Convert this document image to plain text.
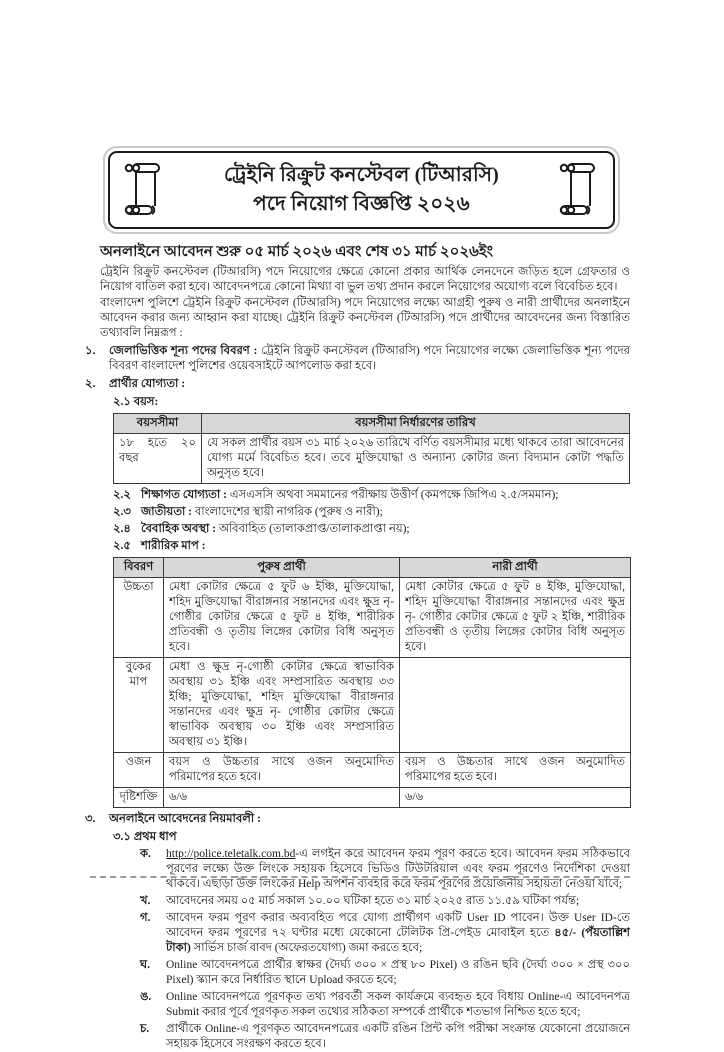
ট্রেইনি রিক্রুট কনস্টেবল (টিআরসি)
পদে নিয়োগ বিজ্ঞপ্তি ২০২৬
অনলাইনে আবেদন শুরু ০৫ মার্চ ২০২৬ এবং শেষ ৩১ মার্চ ২০২৬ইং

ট্রেইনি রিক্রুট কনস্টেবল (টিআরসি) পদে নিয়োগের ক্ষেত্রে কোনো প্রকার আর্থিক লেনদেনে জড়িত হলে গ্রেফতার ও নিয়োগ বাতিল করা হবে। আবেদনপত্রে কোনো মিথ্যা বা ভুল তথ্য প্রদান করলে নিয়োগের অযোগ্য বলে বিবেচিত হবে।

বাংলাদেশ পুলিশে ট্রেইনি রিক্রুট কনস্টেবল (টিআরসি) পদে নিয়োগের লক্ষ্যে আগ্রহী পুরুষ ও নারী প্রার্থীদের অনলাইনে আবেদন করার জন্য আহ্বান করা যাচ্ছে। ট্রেইনি রিক্রুট কনস্টেবল (টিআরসি) পদে প্রার্থীদের আবেদনের জন্য বিস্তারিত তথ্যাবলি নিম্নরূপ :

১.	জেলাভিত্তিক শূন্য পদের বিবরণ : ট্রেইনি রিক্রুট কনস্টেবল (টিআরসি) পদে নিয়োগের লক্ষ্যে জেলাভিত্তিক শূন্য পদের বিবরণ বাংলাদেশ পুলিশের ওয়েবসাইটে আপলোড করা হবে।
২.	প্রার্থীর যোগ্যতা :
২.১ বয়স:
বয়সসীমা	বয়সসীমা নির্ধারণের তারিখ
১৮ হতে ২০ বছর	যে সকল প্রার্থীর বয়স ৩১ মার্চ ২০২৬ তারিখে বর্ণিত বয়সসীমার মধ্যে থাকবে তারা আবেদনের যোগ্য মর্মে বিবেচিত হবে। তবে মুক্তিযোদ্ধা ও অন্যান্য কোটার জন্য বিদ্যমান কোটা পদ্ধতি অনুসৃত হবে।
২.২ শিক্ষাগত যোগ্যতা : এসএসসি অথবা সমমানের পরীক্ষায় উত্তীর্ণ (কমপক্ষে জিপিএ ২.৫/সমমান);
২.৩ জাতীয়তা : বাংলাদেশের স্থায়ী নাগরিক (পুরুষ ও নারী);
২.৪ বৈবাহিক অবস্থা : অবিবাহিত (তালাকপ্রাপ্ত/তালাকপ্রাপ্তা নয়);
২.৫ শারীরিক মাপ :
বিবরণ	পুরুষ প্রার্থী	নারী প্রার্থী
উচ্চতা	মেধা কোটার ক্ষেত্রে ৫ ফুট ৬ ইঞ্চি, মুক্তিযোদ্ধা, শহিদ মুক্তিযোদ্ধা বীরাঙ্গনার সন্তানদের এবং ক্ষুদ্র নৃ- গোষ্ঠীর কোটার ক্ষেত্রে ৫ ফুট ৪ ইঞ্চি, শারীরিক প্রতিবন্ধী ও তৃতীয় লিঙ্গের কোটার বিধি অনুসৃত হবে।	মেধা কোটার ক্ষেত্রে ৫ ফুট ৪ ইঞ্চি, মুক্তিযোদ্ধা, শহিদ মুক্তিযোদ্ধা বীরাঙ্গনার সন্তানদের এবং ক্ষুদ্র নৃ- গোষ্ঠীর কোটার ক্ষেত্রে ৫ ফুট ২ ইঞ্চি, শারীরিক প্রতিবন্ধী ও তৃতীয় লিঙ্গের কোটার বিধি অনুসৃত হবে।
বুকের মাপ	মেধা ও ক্ষুদ্র নৃ-গোষ্ঠী কোটার ক্ষেত্রে স্বাভাবিক অবস্থায় ৩১ ইঞ্চি এবং সম্প্রসারিত অবস্থায় ৩৩ ইঞ্চি; মুক্তিযোদ্ধা, শহিদ মুক্তিযোদ্ধা বীরাঙ্গনার সন্তানদের এবং ক্ষুদ্র নৃ- গোষ্ঠীর কোটার ক্ষেত্রে স্বাভাবিক অবস্থায় ৩০ ইঞ্চি এবং সম্প্রসারিত অবস্থায় ৩১ ইঞ্চি।	
ওজন	বয়স ও উচ্চতার সাথে ওজন অনুমোদিত পরিমাপের হতে হবে।	বয়স ও উচ্চতার সাথে ওজন অনুমোদিত পরিমাপের হতে হবে।
দৃষ্টিশক্তি	৬/৬	৬/৬
৩.	অনলাইনে আবেদনের নিয়মাবলী :
৩.১ প্রথম ধাপ
ক.	http://police.teletalk.com.bd-এ লগইন করে আবেদন ফরম পূরণ করতে হবে। আবেদন ফরম সঠিকভাবে পূরণের লক্ষ্যে উক্ত লিংকে সহায়ক হিসেবে ভিডিও টিউটরিয়াল এবং ফরম পূরণেও নির্দেশিকা দেওয়া থাকবে। এছাড়া উক্ত লিংকের Help অপশন ব্যবহার করে ফরম পূরণের প্রয়োজনীয় সহায়তা নেওয়া যাবে;
খ.	আবেদনের সময় ০৫ মার্চ সকাল ১০.০০ ঘটিকা হতে ৩১ মার্চ ২০২৫ রাত ১১.৫৯ ঘটিকা পর্যন্ত;
গ.	আবেদন ফরম পূরণ করার অব্যবহিত পরে যোগ্য প্রার্থীগণ একটি User ID পাবেন। উক্ত User ID-তে আবেদন ফরম পূরণের ৭২ ঘণ্টার মধ্যে যেকোনো টেলিটক প্রি-পেইড মোবাইল হতে ৪৫/- (পঁয়তাল্লিশ টাকা) সার্ভিস চার্জ বাবদ (অফেরতযোগ্য) জমা করতে হবে;
ঘ.	Online আবেদনপত্রে প্রার্থীর স্বাক্ষর (দৈর্ঘ্য ৩০০ × প্রস্থ ৮০ Pixel) ও রঙিন ছবি (দৈর্ঘ্য ৩০০ × প্রস্থ ৩০০ Pixel) স্ক্যান করে নির্ধারিত স্থানে Upload করতে হবে;
ঙ.	Online আবেদনপত্রে পূরণকৃত তথ্য পরবর্তী সকল কার্যক্রমে ব্যবহৃত হবে বিধায় Online-এ আবেদনপত্র Submit করার পূর্বে পূরণকৃত সকল তথ্যের সঠিকতা সম্পর্কে প্রার্থীকে শতভাগ নিশ্চিত হতে হবে;
চ.	প্রার্থীকে Online-এ পূরণকৃত আবেদনপত্রের একটি রঙিন প্রিন্ট কপি পরীক্ষা সংক্রান্ত যেকোনো প্রয়োজনে সহায়ক হিসেবে সংরক্ষণ করতে হবে।
